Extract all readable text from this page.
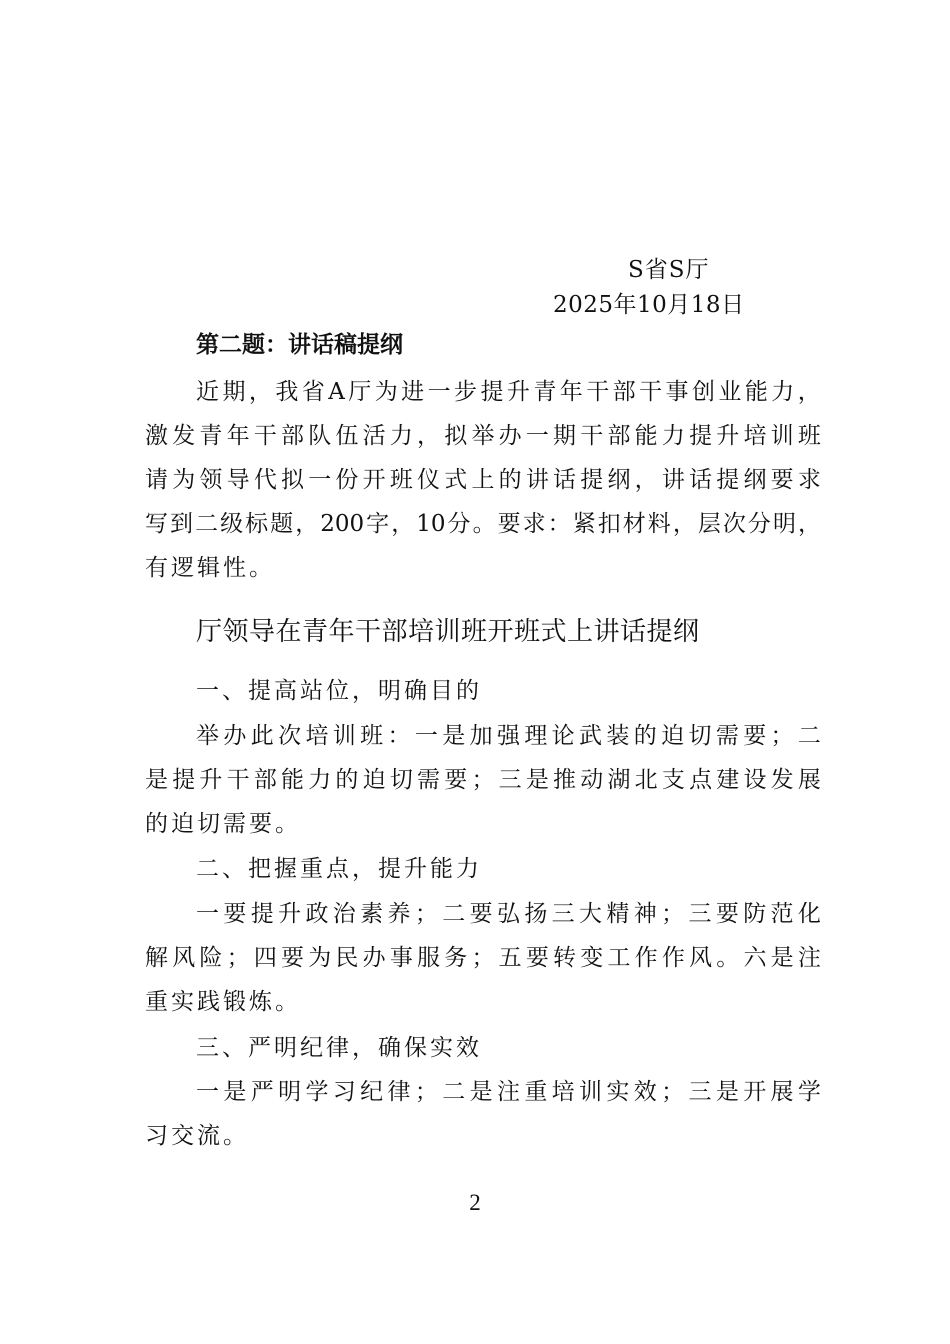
S省S厅
2025年10月18日
第二题：讲话稿提纲
近 期 ， 我 省 A 厅 为 进 一 步 提 升 青 年 干 部 干 事 创 业 能 力 ，
激 发 青 年 干 部 队 伍 活 力 ， 拟 举 办 一 期 干 部 能 力 提 升 培 训 班
请 为 领 导 代 拟 一 份 开 班 仪 式 上 的 讲 话 提 纲 ， 讲 话 提 纲 要 求
写 到 二 级 标 题 ， 200 字 ， 10 分 。 要 求 ： 紧 扣 材 料 ， 层 次 分 明 ，
有逻辑性。
厅领导在青年干部培训班开班式上讲话提纲
一、提高站位，明确目的
举 办 此 次 培 训 班 ： 一 是 加 强 理 论 武 装 的 迫 切 需 要 ； 二
是 提 升 干 部 能 力 的 迫 切 需 要 ； 三 是 推 动 湖 北 支 点 建 设 发 展
的迫切需要。
二、把握重点，提升能力
一 要 提 升 政 治 素 养 ； 二 要 弘 扬 三 大 精 神 ； 三 要 防 范 化
解 风 险 ； 四 要 为 民 办 事 服 务 ； 五 要 转 变 工 作 作 风 。 六 是 注
重实践锻炼。
三、严明纪律，确保实效
一 是 严 明 学 习 纪 律 ； 二 是 注 重 培 训 实 效 ； 三 是 开 展 学
习交流。
2
